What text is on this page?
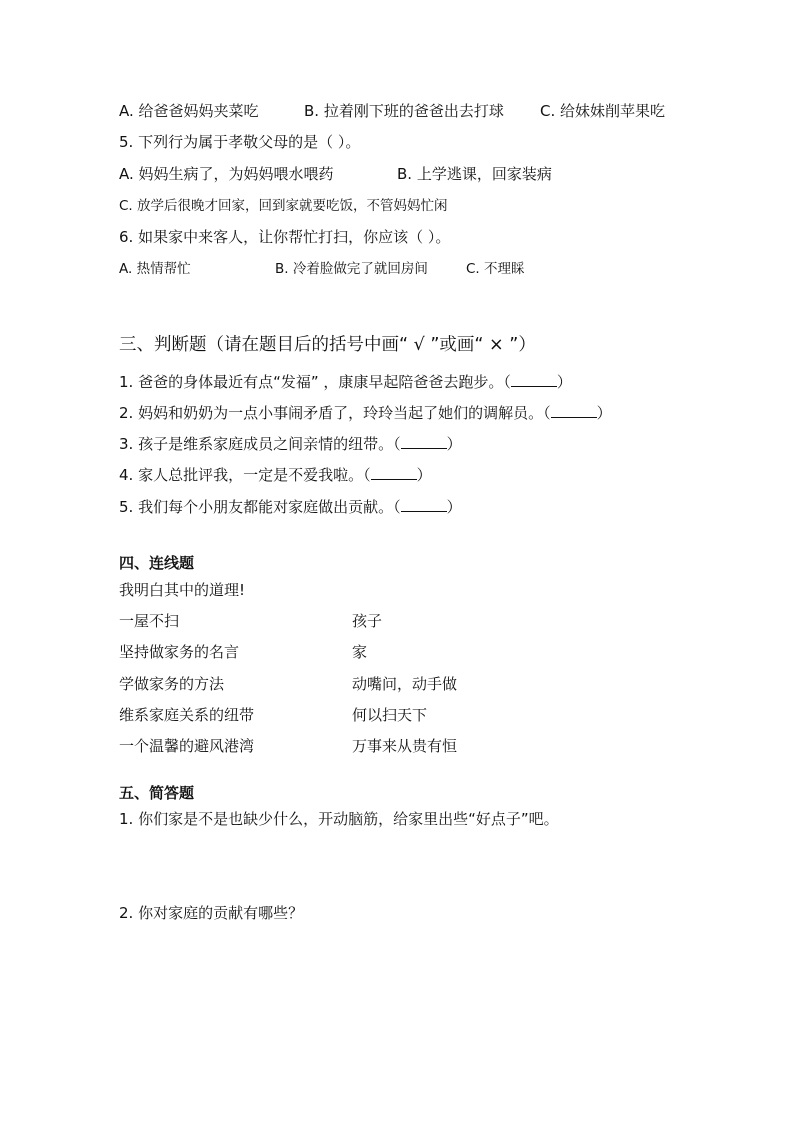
A. 给爸爸妈妈夹菜吃	B. 拉着刚下班的爸爸出去打球 C. 给妹妹削苹果吃
5. 下列行为属于孝敬父母的是（ ）。
A. 妈妈生病了，为妈妈喂水喂药	B. 上学逃课，回家装病
C. 放学后很晚才回家，回到家就要吃饭，不管妈妈忙闲
6. 如果家中来客人，让你帮忙打扫，你应该（ ）。
A. 热情帮忙	B. 冷着脸做完了就回房间	C. 不理睬
三、判断题（请在题目后的括号中画“ √ ”或画“ × ”）
1. 爸爸的身体最近有点“发福” ，康康早起陪爸爸去跑步。（	）
2. 妈妈和奶奶为一点小事闹矛盾了，玲玲当起了她们的调解员。（	）
3. 孩子是维系家庭成员之间亲情的纽带。（	）
4. 家人总批评我，一定是不爱我啦。（	）
5. 我们每个小朋友都能对家庭做出贡献。（	）
四、连线题
我明白其中的道理!
一屋不扫	孩子
坚持做家务的名言	家
学做家务的方法	动嘴问，动手做
维系家庭关系的纽带	何以扫天下
一个温馨的避风港湾	万事来从贵有恒
五、简答题
1. 你们家是不是也缺少什么，开动脑筋，给家里出些“好点子”吧。
2. 你对家庭的贡献有哪些？
